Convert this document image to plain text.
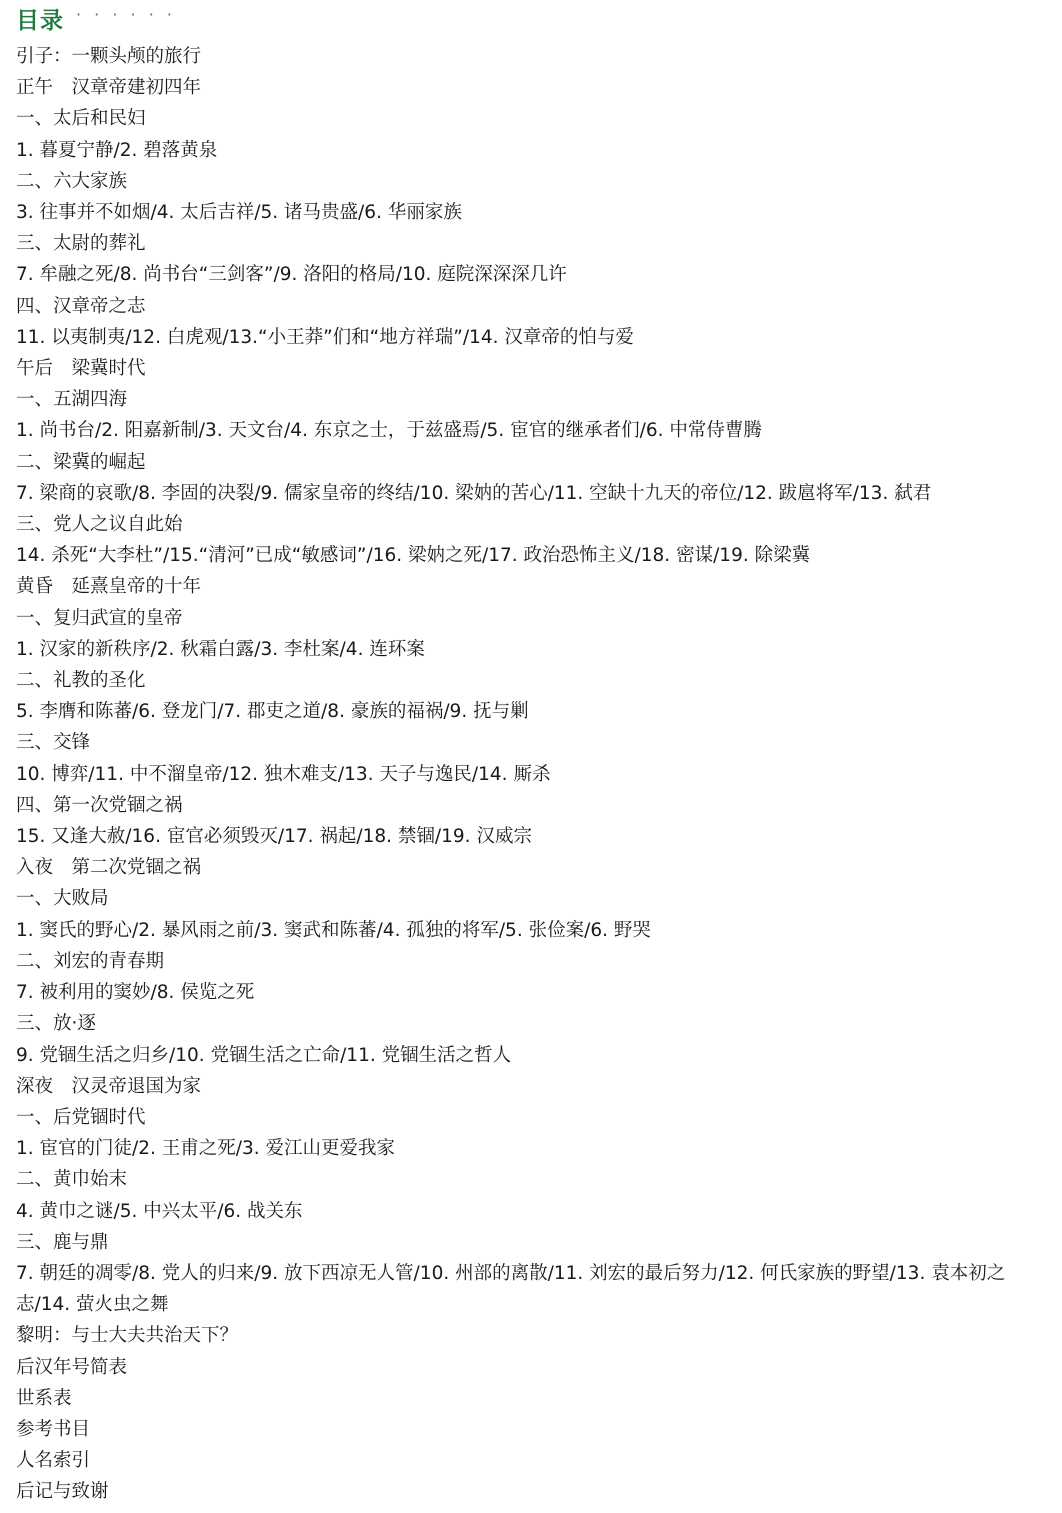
目录 · · · · · ·
引子：一颗头颅的旅行
正午　汉章帝建初四年
一、太后和民妇
1. 暮夏宁静/2. 碧落黄泉
二、六大家族
3. 往事并不如烟/4. 太后吉祥/5. 诸马贵盛/6. 华丽家族
三、太尉的葬礼
7. 牟融之死/8. 尚书台“三剑客”/9. 洛阳的格局/10. 庭院深深深几许
四、汉章帝之志
11. 以夷制夷/12. 白虎观/13.“小王莽”们和“地方祥瑞”/14. 汉章帝的怕与爱
午后　梁冀时代
一、五湖四海
1. 尚书台/2. 阳嘉新制/3. 天文台/4. 东京之士，于兹盛焉/5. 宦官的继承者们/6. 中常侍曹腾
二、梁冀的崛起
7. 梁商的哀歌/8. 李固的决裂/9. 儒家皇帝的终结/10. 梁妠的苦心/11. 空缺十九天的帝位/12. 跋扈将军/13. 弑君
三、党人之议自此始
14. 杀死“大李杜”/15.“清河”已成“敏感词”/16. 梁妠之死/17. 政治恐怖主义/18. 密谋/19. 除梁冀
黄昏　延熹皇帝的十年
一、复归武宣的皇帝
1. 汉家的新秩序/2. 秋霜白露/3. 李杜案/4. 连环案
二、礼教的圣化
5. 李膺和陈蕃/6. 登龙门/7. 郡吏之道/8. 豪族的福祸/9. 抚与剿
三、交锋
10. 博弈/11. 中不溜皇帝/12. 独木难支/13. 天子与逸民/14. 厮杀
四、第一次党锢之祸
15. 又逢大赦/16. 宦官必须毁灭/17. 祸起/18. 禁锢/19. 汉威宗
入夜　第二次党锢之祸
一、大败局
1. 窦氏的野心/2. 暴风雨之前/3. 窦武和陈蕃/4. 孤独的将军/5. 张俭案/6. 野哭
二、刘宏的青春期
7. 被利用的窦妙/8. 侯览之死
三、放·逐
9. 党锢生活之归乡/10. 党锢生活之亡命/11. 党锢生活之哲人
深夜　汉灵帝退国为家
一、后党锢时代
1. 宦官的门徒/2. 王甫之死/3. 爱江山更爱我家
二、黄巾始末
4. 黄巾之谜/5. 中兴太平/6. 战关东
三、鹿与鼎
7. 朝廷的凋零/8. 党人的归来/9. 放下西凉无人管/10. 州部的离散/11. 刘宏的最后努力/12. 何氏家族的野望/13. 袁本初之志/14. 萤火虫之舞
黎明：与士大夫共治天下？
后汉年号简表
世系表
参考书目
人名索引
后记与致谢
